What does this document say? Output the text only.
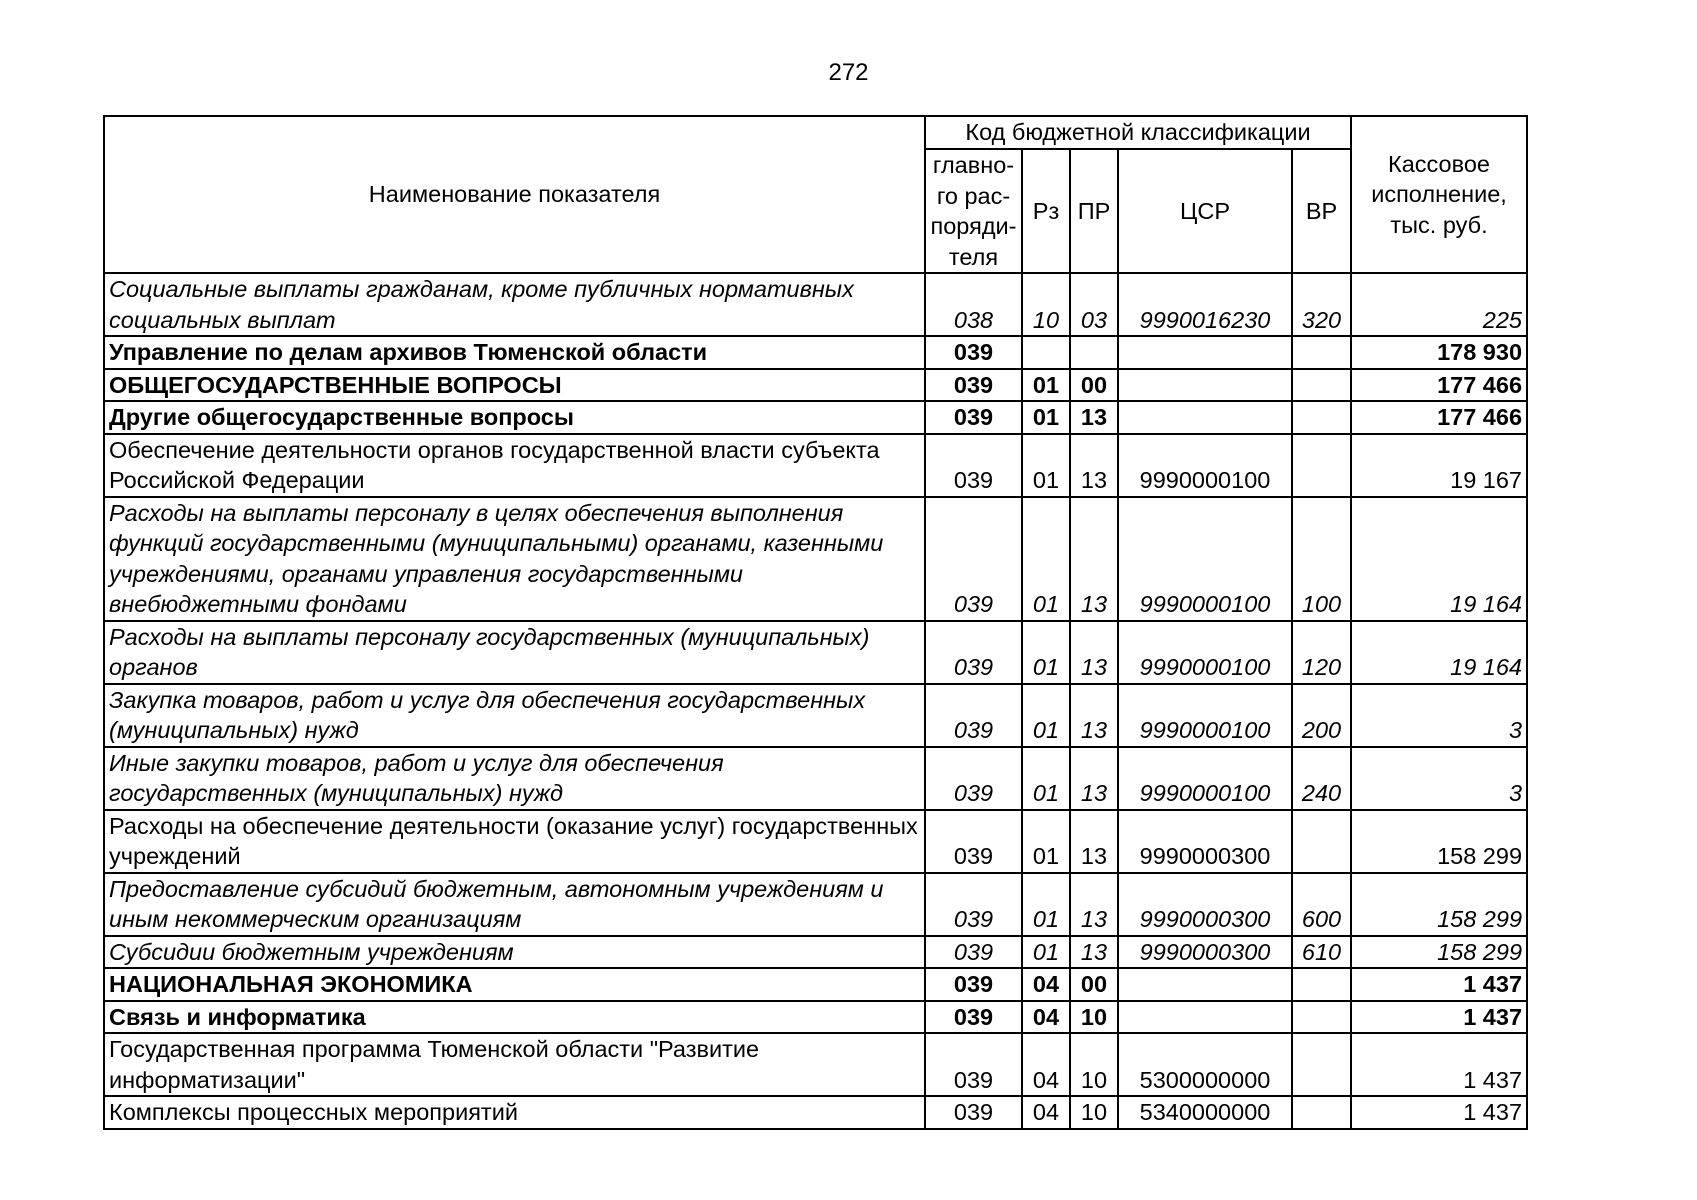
272
Наименование показателя	Код бюджетной классификации					Кассовое исполнение, тыс. руб.
	главно-го рас-поряди-теля	Рз	ПР	ЦСР	ВР	
Социальные выплаты гражданам, кроме публичных нормативных социальных выплат	038	10	03	9990016230	320	225
Управление по делам архивов Тюменской области	039					178 930
ОБЩЕГОСУДАРСТВЕННЫЕ ВОПРОСЫ	039	01	00			177 466
Другие общегосударственные вопросы	039	01	13			177 466
Обеспечение деятельности органов государственной власти субъекта Российской Федерации	039	01	13	9990000100		19 167
Расходы на выплаты персоналу в целях обеспечения выполнения функций государственными (муниципальными) органами, казенными учреждениями, органами управления государственными внебюджетными фондами	039	01	13	9990000100	100	19 164
Расходы на выплаты персоналу государственных (муниципальных) органов	039	01	13	9990000100	120	19 164
Закупка товаров, работ и услуг для обеспечения государственных (муниципальных) нужд	039	01	13	9990000100	200	3
Иные закупки товаров, работ и услуг для обеспечения государственных (муниципальных) нужд	039	01	13	9990000100	240	3
Расходы на обеспечение деятельности (оказание услуг) государственных учреждений	039	01	13	9990000300		158 299
Предоставление субсидий бюджетным, автономным учреждениям и иным некоммерческим организациям	039	01	13	9990000300	600	158 299
Субсидии бюджетным учреждениям	039	01	13	9990000300	610	158 299
НАЦИОНАЛЬНАЯ ЭКОНОМИКА	039	04	00			1 437
Связь и информатика	039	04	10			1 437
Государственная программа Тюменской области "Развитие информатизации"	039	04	10	5300000000		1 437
Комплексы процессных мероприятий	039	04	10	5340000000		1 437
